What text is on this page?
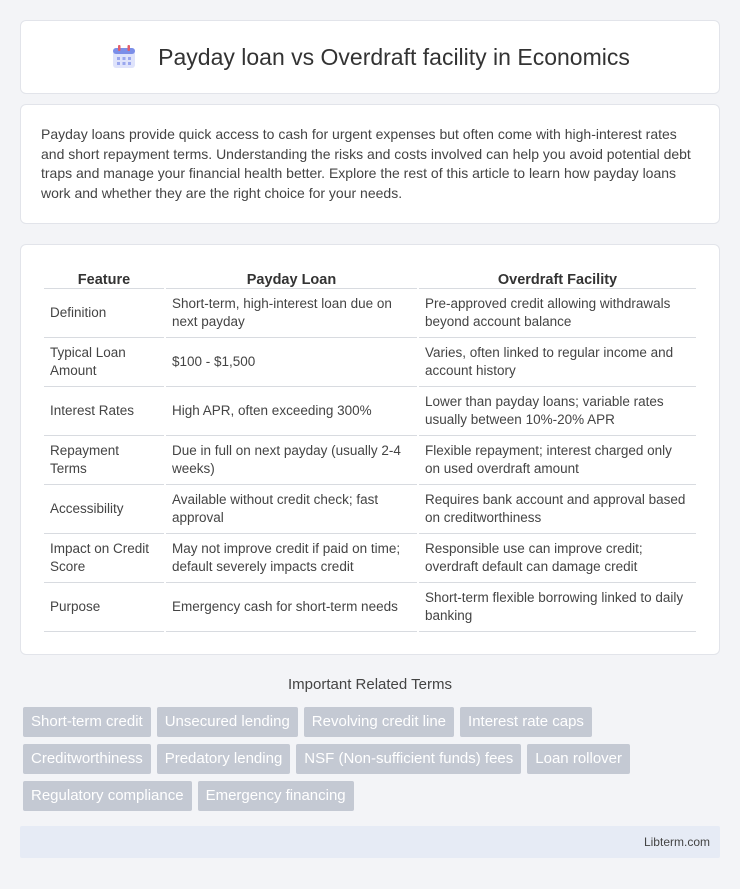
Payday loan vs Overdraft facility in Economics

Payday loans provide quick access to cash for urgent expenses but often come with high-interest rates and short repayment terms. Understanding the risks and costs involved can help you avoid potential debt traps and manage your financial health better. Explore the rest of this article to learn how payday loans work and whether they are the right choice for your needs.

Feature	Payday Loan	Overdraft Facility
Definition	Short-term, high-interest loan due on next payday	Pre-approved credit allowing withdrawals beyond account balance
Typical Loan Amount	$100 - $1,500	Varies, often linked to regular income and account history
Interest Rates	High APR, often exceeding 300%	Lower than payday loans; variable rates usually between 10%-20% APR
Repayment Terms	Due in full on next payday (usually 2-4 weeks)	Flexible repayment; interest charged only on used overdraft amount
Accessibility	Available without credit check; fast approval	Requires bank account and approval based on creditworthiness
Impact on Credit Score	May not improve credit if paid on time; default severely impacts credit	Responsible use can improve credit; overdraft default can damage credit
Purpose	Emergency cash for short-term needs	Short-term flexible borrowing linked to daily banking
Important Related Terms
Short-term credit	Unsecured lending	Revolving credit line	Interest rate caps
Creditworthiness	Predatory lending	NSF (Non-sufficient funds) fees	Loan rollover
Regulatory compliance	Emergency financing
Libterm.com
